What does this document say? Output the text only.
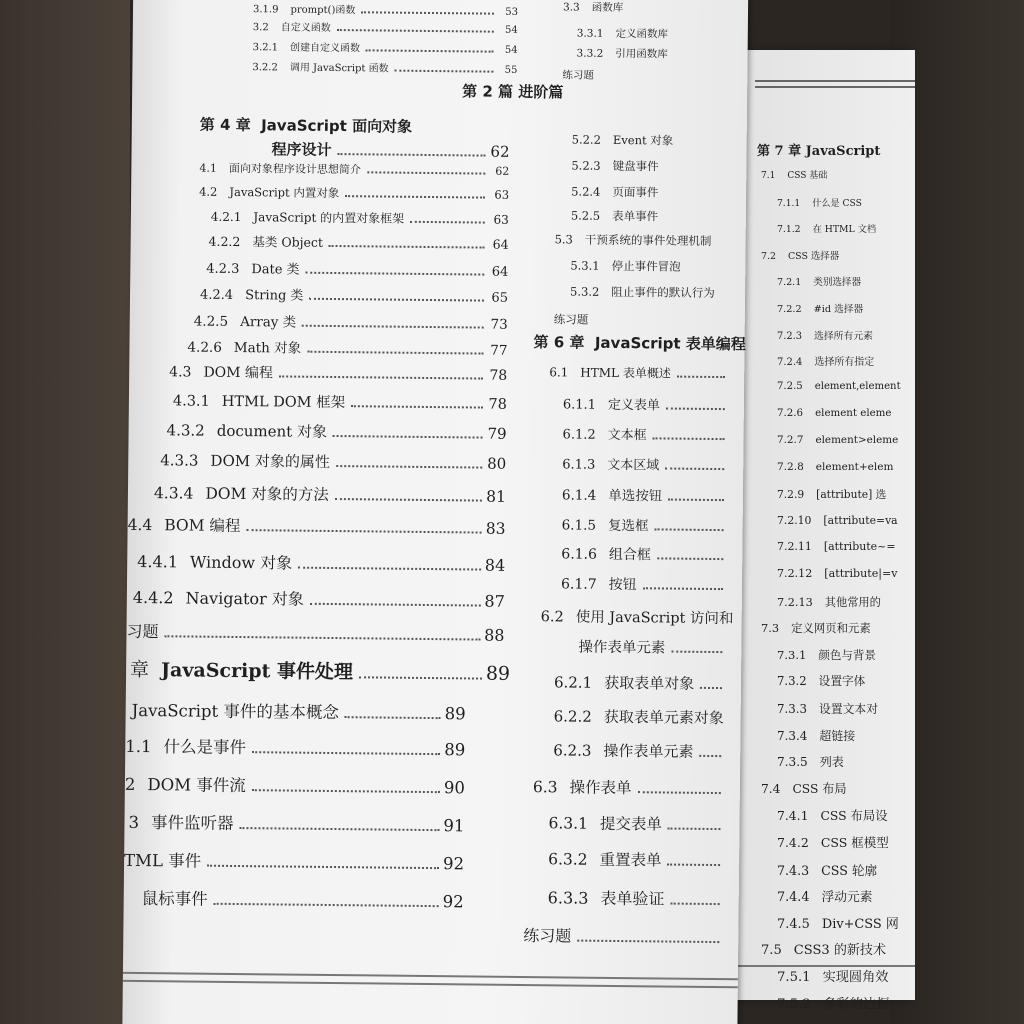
第 7 章 JavaScript
7.1 CSS 基础
7.1.1 什么是 CSS
7.1.2 在 HTML 文档
7.2 CSS 选择器
7.2.1 类别选择器
7.2.2 #id 选择器
7.2.3 选择所有元素
7.2.4 选择所有指定
7.2.5 element,element
7.2.6 element eleme
7.2.7 element>eleme
7.2.8 element+elem
7.2.9 [attribute] 选
7.2.10 [attribute=va
7.2.11 [attribute~=
7.2.12 [attribute|=v
7.2.13 其他常用的
7.3 定义网页和元素
7.3.1 颜色与背景
7.3.2 设置字体
7.3.3 设置文本对
7.3.4 超链接
7.3.5 列表
7.4 CSS 布局
7.4.1 CSS 布局设
7.4.2 CSS 框模型
7.4.3 CSS 轮廓
7.4.4 浮动元素
7.4.5 Div+CSS 网
7.5 CSS3 的新技术
7.5.1 实现圆角效
7.5.2 多彩的边框
3.1.9 prompt()函数	53
3.2 自定义函数	54
3.2.1 创建自定义函数	54
3.2.2 调用 JavaScript 函数	55
第 4 章 JavaScript 面向对象
程序设计	62
4.1 面向对象程序设计思想简介	62
4.2 JavaScript 内置对象	63
4.2.1 JavaScript 的内置对象框架	63
4.2.2 基类 Object	64
4.2.3 Date 类	64
4.2.4 String 类	65
4.2.5 Array 类	73
4.2.6 Math 对象	77
4.3 DOM 编程	78
4.3.1 HTML DOM 框架	78
4.3.2 document 对象	79
4.3.3 DOM 对象的属性	80
4.3.4 DOM 对象的方法	81
4.4 BOM 编程	83
4.4.1 Window 对象	84
4.4.2 Navigator 对象	87
习题	88
章 JavaScript 事件处理	89
JavaScript 事件的基本概念	89
1.1 什么是事件	89
2 DOM 事件流	90
3 事件监听器	91
TML 事件	92
鼠标事件	92
3.3 函数库
3.3.1 定义函数库
3.3.2 引用函数库
练习题
第 2 篇 进阶篇
5.2.2 Event 对象
5.2.3 键盘事件
5.2.4 页面事件
5.2.5 表单事件
5.3 干预系统的事件处理机制
5.3.1 停止事件冒泡
5.3.2 阻止事件的默认行为
练习题
第 6 章 JavaScript 表单编程
6.1 HTML 表单概述
6.1.1 定义表单
6.1.2 文本框
6.1.3 文本区域
6.1.4 单选按钮
6.1.5 复选框
6.1.6 组合框
6.1.7 按钮
6.2 使用 JavaScript 访问和
操作表单元素
6.2.1 获取表单对象
6.2.2 获取表单元素对象
6.2.3 操作表单元素
6.3 操作表单
6.3.1 提交表单
6.3.2 重置表单
6.3.3 表单验证
练习题
